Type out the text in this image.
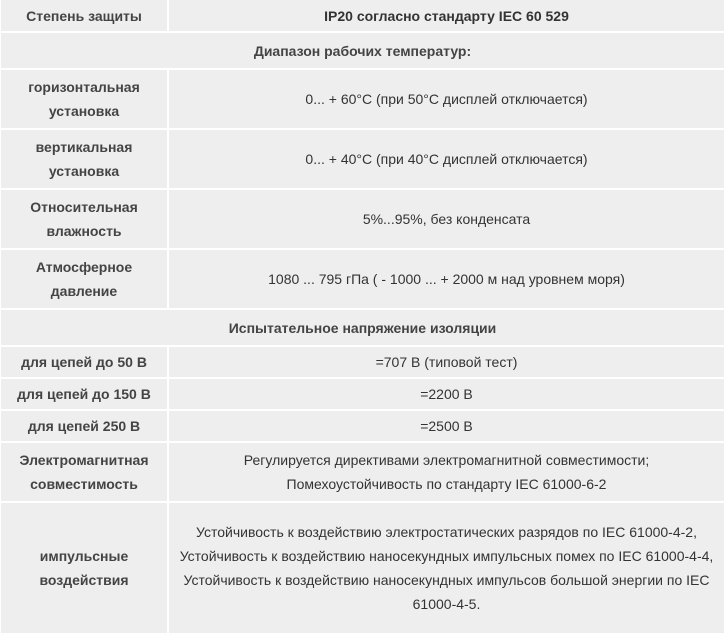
Степень защиты	IP20 согласно стандарту IEC 60 529
Диапазон рабочих температур:	
горизонтальная установка	0... + 60°C (при 50°C дисплей отключается)
вертикальная установка	0... + 40°C (при 40°C дисплей отключается)
Относительная влажность	5%...95%, без конденсата
Атмосферное давление	1080 ... 795 гПа ( - 1000 ... + 2000 м над уровнем моря)
Испытательное напряжение изоляции	
для цепей до 50 В	=707 В (типовой тест)
для цепей до 150 В	=2200 В
для цепей 250 В	=2500 В
Электромагнитная совместимость	Регулируется директивами электромагнитной совместимости;
Помехоустойчивость по стандарту IEC 61000-6-2

импульсные воздействия	Устойчивость к воздействию электростатических разрядов по IEC 61000-4-2,
Устойчивость к воздействию наносекундных импульсных помех по IEC 61000-4-4,
Устойчивость к воздействию наносекундных импульсов большой энергии по IEC 61000-4-5.
